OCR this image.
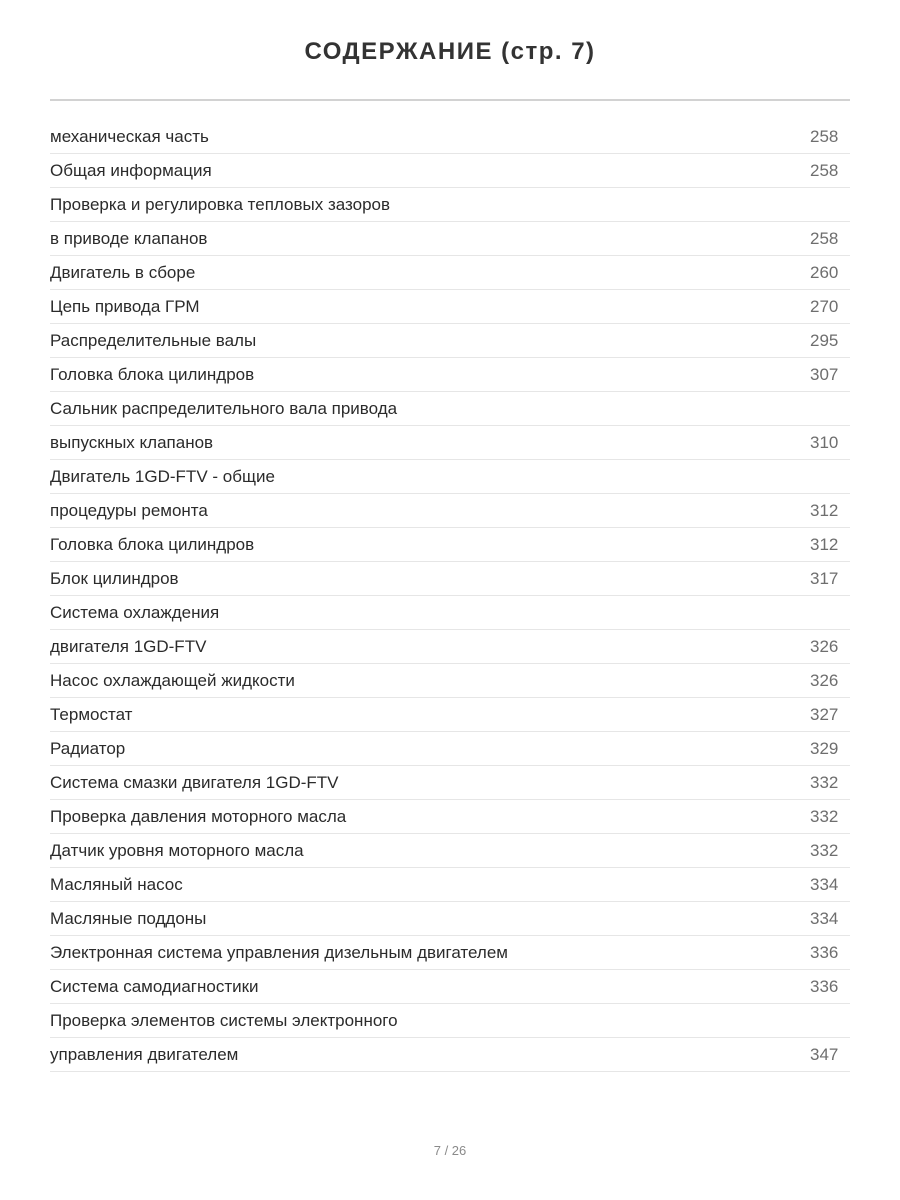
СОДЕРЖАНИЕ (стр. 7)
механическая часть	258
Общая информация	258
Проверка и регулировка тепловых зазоров
в приводе клапанов	258
Двигатель в сборе	260
Цепь привода ГРМ	270
Распределительные валы	295
Головка блока цилиндров	307
Сальник распределительного вала привода
выпускных клапанов	310
Двигатель 1GD-FTV - общие
процедуры ремонта	312
Головка блока цилиндров	312
Блок цилиндров	317
Система охлаждения
двигателя 1GD-FTV	326
Насос охлаждающей жидкости	326
Термостат	327
Радиатор	329
Система смазки двигателя 1GD-FTV	332
Проверка давления моторного масла	332
Датчик уровня моторного масла	332
Масляный насос	334
Масляные поддоны	334
Электронная система управления дизельным двигателем	336
Система самодиагностики	336
Проверка элементов системы электронного
управления двигателем	347
7 / 26
